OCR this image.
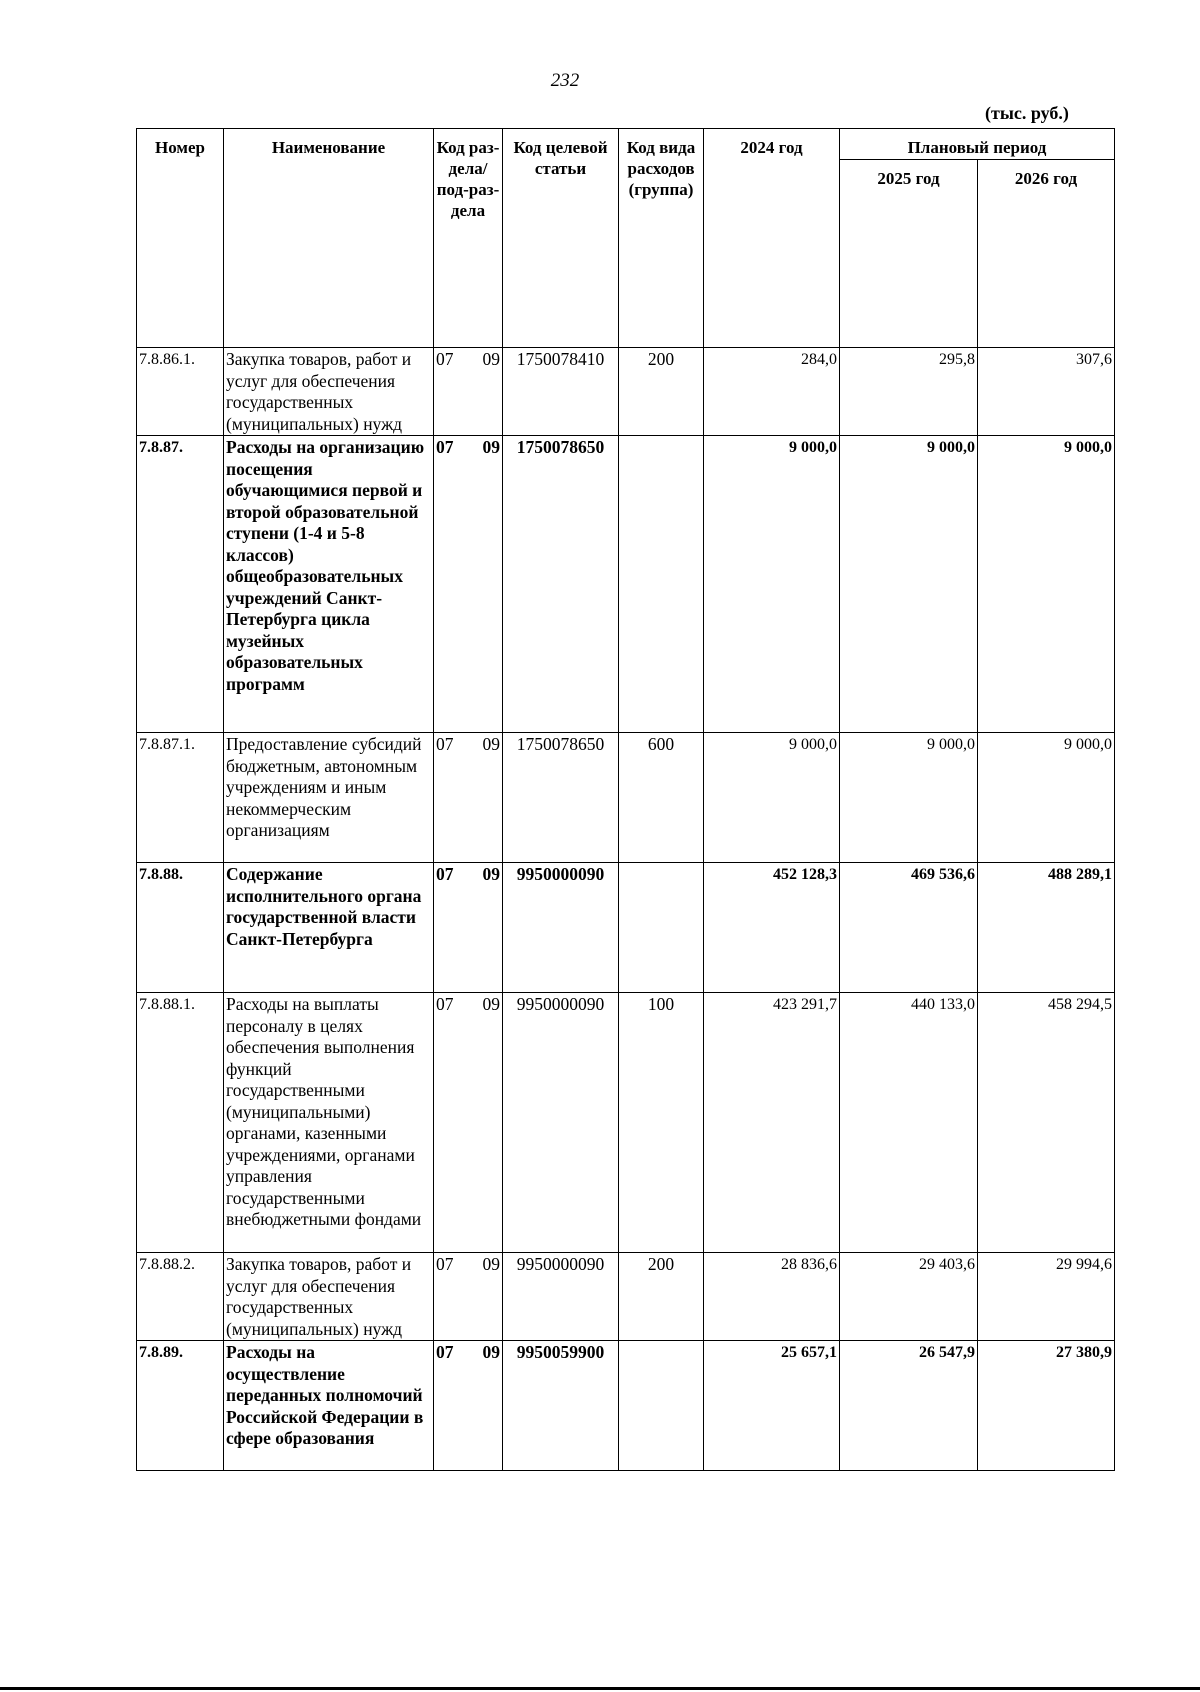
232
(тыс. руб.)
Номер	Наименование	Код раз-дела/ под-раз-дела	Код целевой статьи	Код вида расходов (группа)	2024 год	Плановый период	
						2025 год	2026 год
7.8.86.1.	Закупка товаров, работ и услуг для обеспечения государственных (муниципальных) нужд	07 09	1750078410	200	284,0	295,8	307,6
7.8.87.	Расходы на организацию посещения обучающимися первой и второй образовательной ступени (1-4 и 5-8 классов) общеобразовательных учреждений Санкт-Петербурга цикла музейных образовательных программ	07 09	1750078650		9 000,0	9 000,0	9 000,0
7.8.87.1.	Предоставление субсидий бюджетным, автономным учреждениям и иным некоммерческим организациям	07 09	1750078650	600	9 000,0	9 000,0	9 000,0
7.8.88.	Содержание исполнительного органа государственной власти Санкт-Петербурга	07 09	9950000090		452 128,3	469 536,6	488 289,1
7.8.88.1.	Расходы на выплаты персоналу в целях обеспечения выполнения функций государственными (муниципальными) органами, казенными учреждениями, органами управления государственными внебюджетными фондами	07 09	9950000090	100	423 291,7	440 133,0	458 294,5
7.8.88.2.	Закупка товаров, работ и услуг для обеспечения государственных (муниципальных) нужд	07 09	9950000090	200	28 836,6	29 403,6	29 994,6
7.8.89.	Расходы на осуществление переданных полномочий Российской Федерации в сфере образования	07 09	9950059900		25 657,1	26 547,9	27 380,9
